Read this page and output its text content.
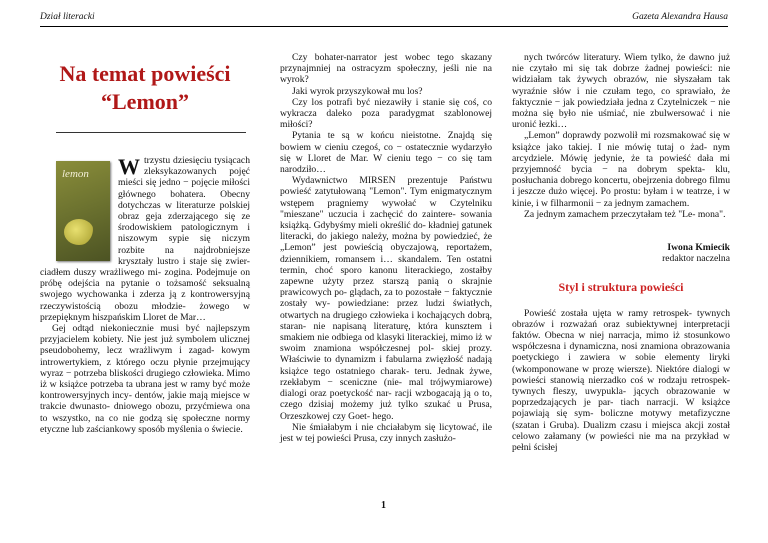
Dział literacki	Gazeta Alexandra Hausa
Na temat powieści
“Lemon”
lemon Wtrzystu dziesięciu tysiącach zleksykazowanych pojęć mieści się jedno − pojęcie miłości głównego bohatera. Obecny dotychczas w literaturze polskiej obraz geja zderzającego się ze środowiskiem patologicznym i niszowym sypie się niczym rozbite na najdrobniejsze kryształy lustro i staje się zwier- ciadłem duszy wrażliwego mi- zogina. Podejmuje on próbę odejścia na pytanie o tożsamość seksualną swojego wychowanka i zderza ją z kontrowersyjną rzeczywistością obozu młodzie- żowego w przepięknym hiszpańskim Lloret de Mar…

Gej odtąd niekoniecznie musi być najlepszym przyjacielem kobiety. Nie jest już symbolem ulicznej pseudobohemy, lecz wrażliwym i zagad- kowym introwertykiem, z którego oczu płynie przejmujący wyraz − potrzeba bliskości drugiego człowieka. Mimo iż w książce potrzeba ta ubrana jest w ramy być może kontrowersyjnych incy- dentów, jakie mają miejsce w trakcie dwunasto- dniowego obozu, przyćmiewa ona to wszystko, na co nie godzą się społeczne normy etyczne lub zaściankowy sposób myślenia o świecie.

Czy bohater-narrator jest wobec tego skazany przynajmniej na ostracyzm społeczny, jeśli nie na wyrok?

Jaki wyrok przyszykował mu los?

Czy los potrafi być niezawiły i stanie się coś, co wykracza daleko poza paradygmat szablonowej miłości?

Pytania te są w końcu nieistotne. Znajdą się bowiem w cieniu czegoś, co − ostatecznie wydarzyło się w Lloret de Mar. W cieniu tego − co się tam narodziło…

Wydawnictwo MIRSEN prezentuje Państwu powieść zatytułowaną "Lemon". Tym enigmatycznym wstępem pragniemy wywołać w Czytelniku "mieszane" uczucia i zachęcić do zaintere- sowania książką. Gdybyśmy mieli określić do- kładniej gatunek literacki, do jakiego należy, można by powiedzieć, że „Lemon” jest powieścią obyczajową, reportażem, dziennikiem, romansem i… skandalem. Ten ostatni termin, choć sporo kanonu literackiego, zostałby zapewne użyty przez starszą panią o skrajnie prawicowych po- glądach, za to pozostałe − faktycznie zostały wy- powiedziane: przez ludzi światłych, otwartych na drugiego człowieka i kochających dobrą, staran- nie napisaną literaturę, która kunsztem i smakiem nie odbiega od klasyki literackiej, mimo iż w swoim znamiona współczesnej pol- skiej prozy. Właściwie to dynamizm i fabularna zwięzłość nadają książce tego ostatniego charak- teru. Jednak żywe, rzekłabym − sceniczne (nie- mal trójwymiarowe) dialogi oraz poetyckość nar- racji wzbogacają ją o to, czego dzisiaj możemy już tylko szukać u Prusa, Orzeszkowej czy Goet- hego.

Nie śmiałabym i nie chciałabym się licytować, ile jest w tej powieści Prusa, czy innych zasłużo-

nych twórców literatury. Wiem tylko, że dawno już nie czytało mi się tak dobrze żadnej powieści: nie widziałam tak żywych obrazów, nie słyszałam tak wyraźnie słów i nie czułam tego, co sprawiało, że faktycznie − jak powiedziała jedna z Czytelniczek − nie można się było nie uśmiać, nie zbulwersować i nie uronić łezki…

„Lemon” doprawdy pozwolił mi rozsmakować się w książce jako takiej. I nie mówię tutaj o żad- nym arcydziele. Mówię jedynie, że ta powieść dała mi przyjemność bycia − na dobrym spekta- klu, posłuchania dobrego koncertu, obejrzenia dobrego filmu i jeszcze dużo więcej. Po prostu: byłam i w teatrze, i w kinie, i w filharmonii − za jednym zamachem.

Za jednym zamachem przeczytałam też "Le- mona".

Iwona Kmiecik
redaktor naczelna
Styl i struktura powieści

Powieść została ujęta w ramy retrospek- tywnych obrazów i rozważań oraz subiektywnej interpretacji faktów. Obecna w niej narracja, mimo iż stosunkowo współczesna i dynamiczna, nosi znamiona obrazowania poetyckiego i zawiera w sobie elementy liryki (wkomponowane w prozę wiersze). Niektóre dialogi w powieści stanowią nierzadko coś w rodzaju retrospek- tywnych fleszy, uwypukla- jących obrazowanie w poprzedzających je par- tiach narracji. W książce pojawiają się sym- boliczne motywy metafizyczne (szatan i Gruba). Dualizm czasu i miejsca akcji został celowo załamany (w powieści nie ma na przykład w pełni ścisłej

1
